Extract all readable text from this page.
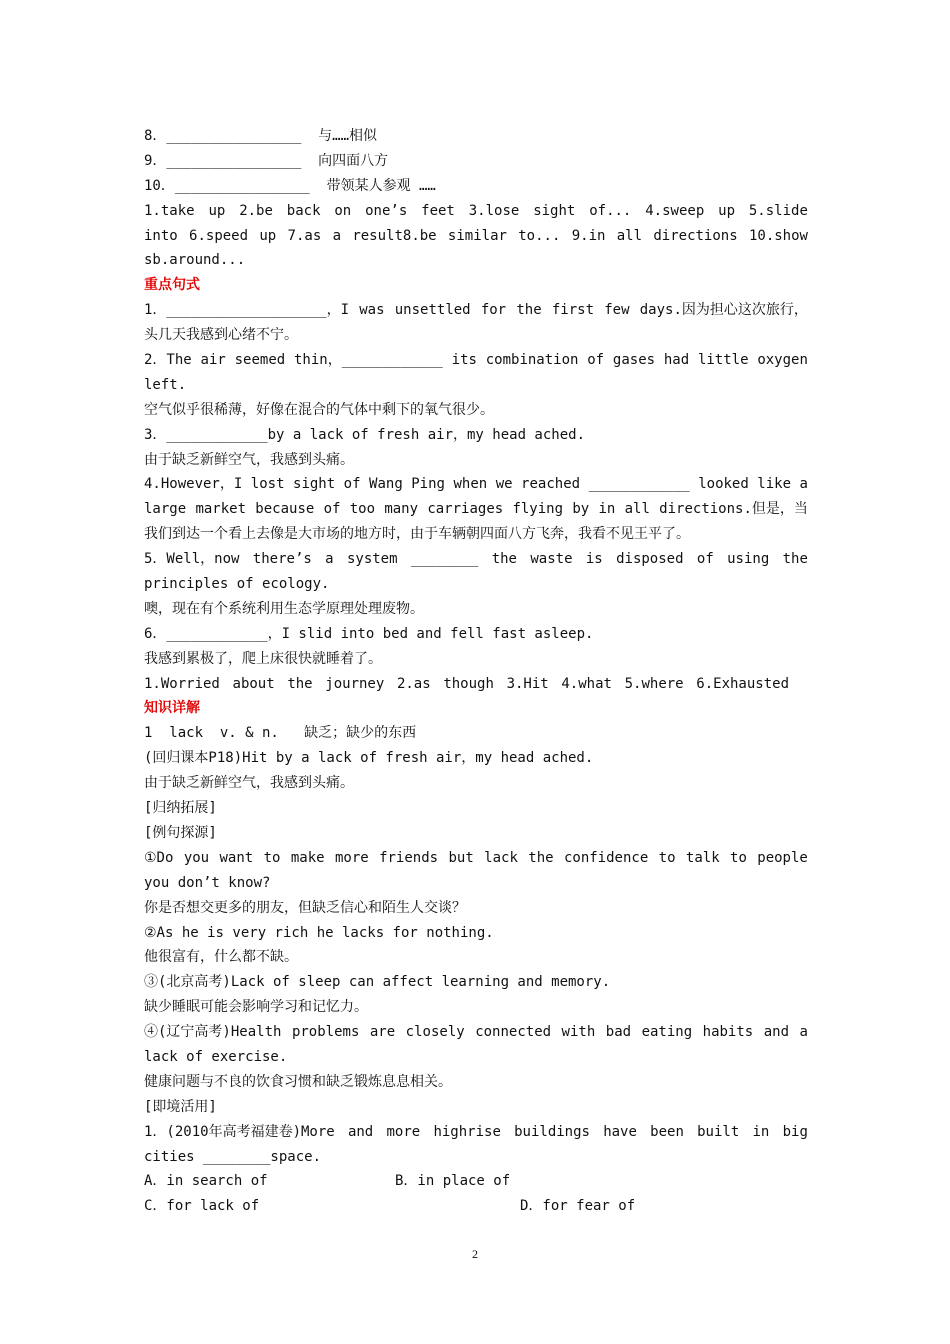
8．________________  与……相似
9．________________  向四面八方
10．________________  带领某人参观 ……
1.take up 2.be back on one’s feet 3.lose sight of... 4.sweep up 5.slide
into 6.speed up 7.as a result8.be similar to... 9.in all directions 10.show
sb.around...
重点句式
1．___________________，I was unsettled for the first few days.因为担心这次旅行，
头几天我感到心绪不宁。
2．The air seemed thin，____________ its combination of gases had little oxygen
left.
空气似乎很稀薄，好像在混合的气体中剩下的氧气很少。
3．____________by a lack of fresh air，my head ached.
由于缺乏新鲜空气，我感到头痛。
4.However，I lost sight of Wang Ping when we reached ____________ looked like a
large market because of too many carriages flying by in all directions.但是，当
我们到达一个看上去像是大市场的地方时，由于车辆朝四面八方飞奔，我看不见王平了。
5．Well，now there’s a system ________ the waste is disposed of using the
principles of ecology.
噢，现在有个系统利用生态学原理处理废物。
6．____________，I slid into bed and fell fast asleep.
我感到累极了，爬上床很快就睡着了。
1.Worried about the journey 2.as though 3.Hit 4.what 5.where 6.Exhausted
知识详解
1  lack  v. & n.   缺乏；缺少的东西
(回归课本P18)Hit by a lack of fresh air，my head ached.
由于缺乏新鲜空气，我感到头痛。
[归纳拓展]
[例句探源]
①Do you want to make more friends but lack the confidence to talk to people
you don’t know?
你是否想交更多的朋友，但缺乏信心和陌生人交谈？
②As he is very rich he lacks for nothing.
他很富有，什么都不缺。
③(北京高考)Lack of sleep can affect learning and memory.
缺少睡眠可能会影响学习和记忆力。
④(辽宁高考)Health problems are closely connected with bad eating habits and a
lack of exercise.
健康问题与不良的饮食习惯和缺乏锻炼息息相关。
[即境活用]
1．(2010年高考福建卷)More and more highrise buildings have been built in big
cities ________space.

A．in search of

	B．in place of

C．for lack of

	D．for fear of

2
